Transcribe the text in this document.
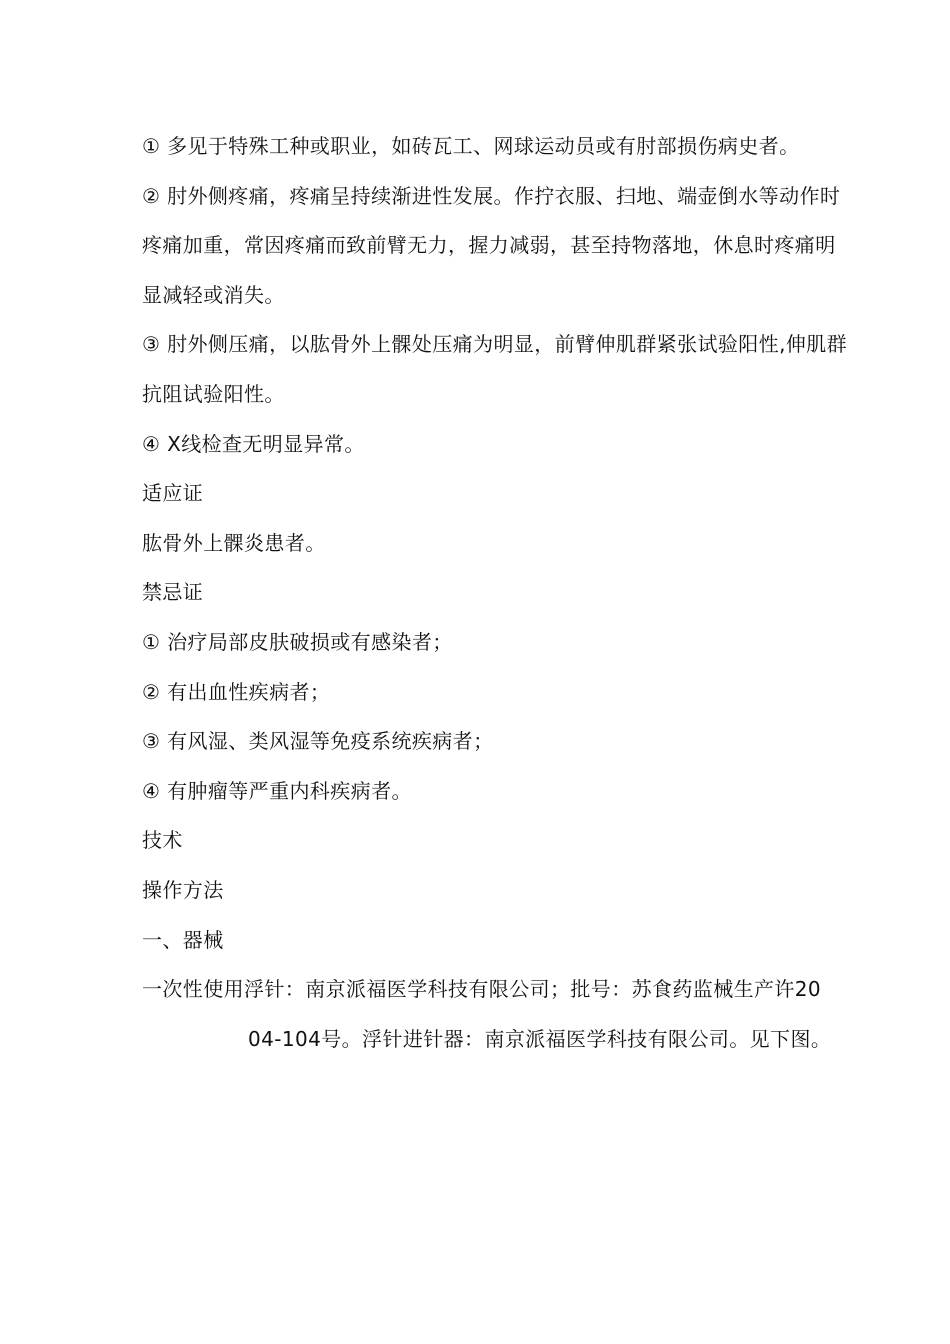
① 多见于特殊工种或职业，如砖瓦工、网球运动员或有肘部损伤病史者。

② 肘外侧疼痛，疼痛呈持续渐进性发展。作拧衣服、扫地、端壶倒水等动作时疼痛加重，常因疼痛而致前臂无力，握力减弱，甚至持物落地，休息时疼痛明显减轻或消失。

③ 肘外侧压痛，以肱骨外上髁处压痛为明显，前臂伸肌群紧张试验阳性,伸肌群抗阻试验阳性。

④ X线检查无明显异常。

适应证

肱骨外上髁炎患者。

禁忌证

① 治疗局部皮肤破损或有感染者；

② 有出血性疾病者；

③ 有风湿、类风湿等免疫系统疾病者；

④ 有肿瘤等严重内科疾病者。

技术

操作方法

一、器械

一次性使用浮针：南京派福医学科技有限公司；批号：苏食药监械生产许20

04-104号。浮针进针器：南京派福医学科技有限公司。见下图。
